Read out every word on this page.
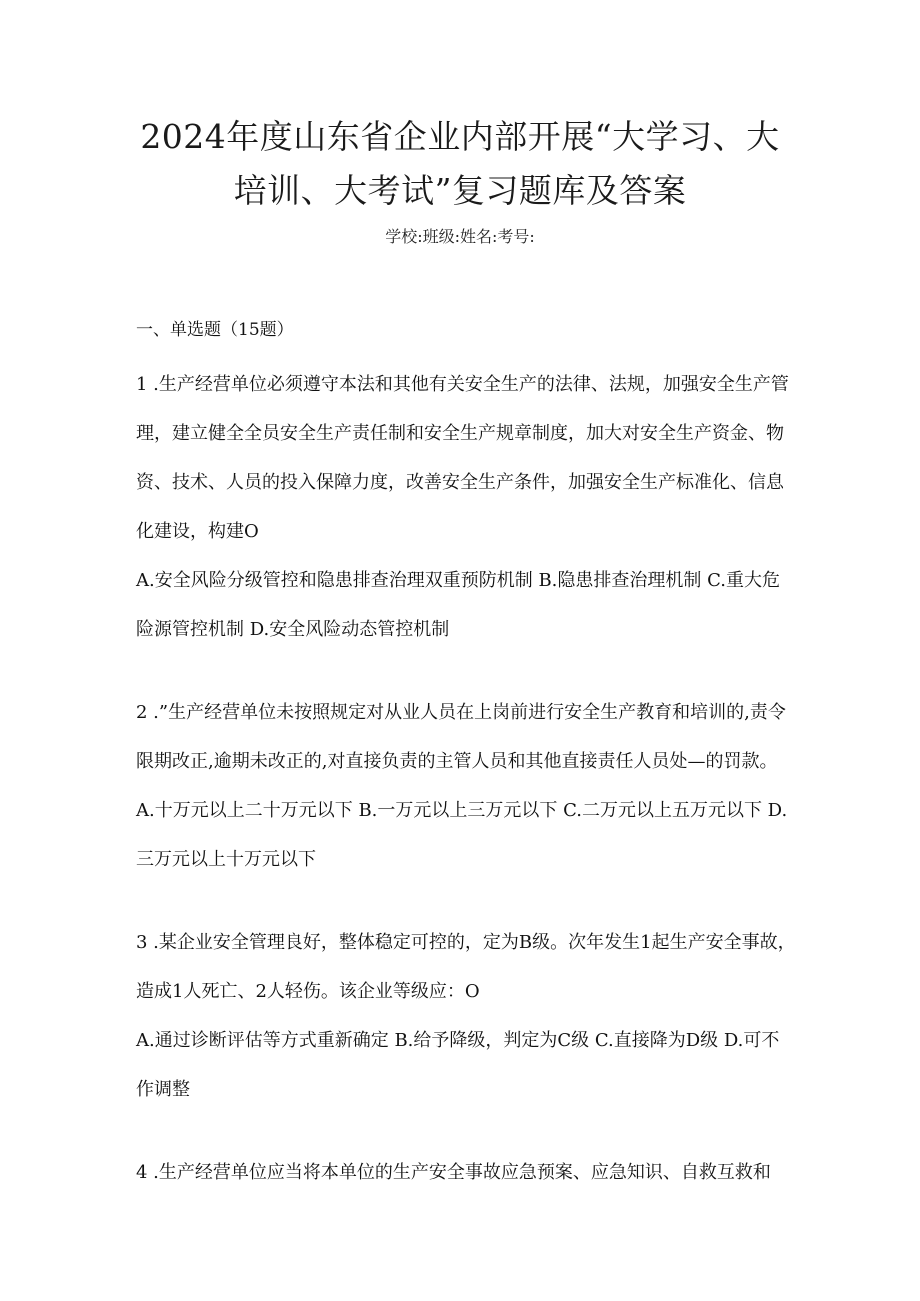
2024年度山东省企业内部开展“大学习、大
培训、大考试”复习题库及答案
学校:班级:姓名:考号:
一、单选题（15题）

1 .生产经营单位必须遵守本法和其他有关安全生产的法律、法规，加强安全生产管理，建立健全全员安全生产责任制和安全生产规章制度，加大对安全生产资金、物资、技术、人员的投入保障力度，改善安全生产条件，加强安全生产标准化、信息化建设，构建O

A.安全风险分级管控和隐患排查治理双重预防机制 B.隐患排查治理机制 C.重大危险源管控机制 D.安全风险动态管控机制

2 .”生产经营单位未按照规定对从业人员在上岗前进行安全生产教育和培训的,责令限期改正,逾期未改正的,对直接负责的主管人员和其他直接责任人员处—的罚款。

A.十万元以上二十万元以下 B.一万元以上三万元以下 C.二万元以上五万元以下 D.三万元以上十万元以下

3 .某企业安全管理良好，整体稳定可控的，定为B级。次年发生1起生产安全事故，造成1人死亡、2人轻伤。该企业等级应：O

A.通过诊断评估等方式重新确定 B.给予降级，判定为C级 C.直接降为D级 D.可不作调整

4 .生产经营单位应当将本单位的生产安全事故应急预案、应急知识、自救互救和
